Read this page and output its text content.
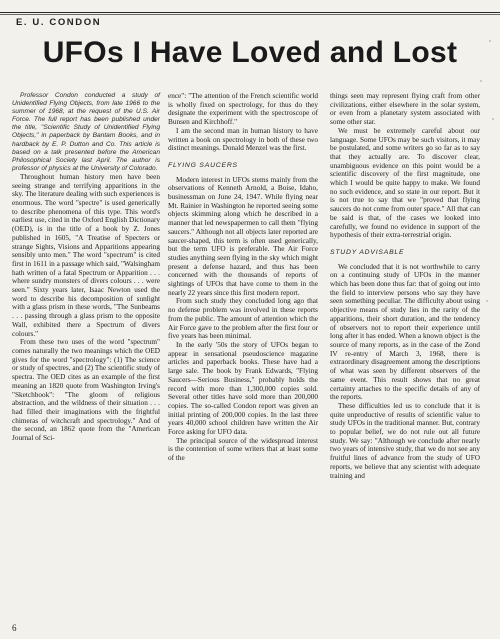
E. U. CONDON
UFOs I Have Loved and Lost

Professor Condon conducted a study of Unidentified Flying Objects, from late 1966 to the summer of 1968, at the request of the U.S. Air Force. The full report has been published under the title, "Scientific Study of Unidentified Flying Objects," in paperback by Bantam Books, and in hardback by E. P. Dutton and Co. This article is based on a talk presented before the American Philosophical Society last April. The author is professor of physics at the University of Colorado.

Throughout human history men have been seeing strange and terrifying apparitions in the sky. The literature dealing with such experiences is enormous. The word "spectre" is used generically to describe phenomena of this type. This word's earliest use, cited in the Oxford English Dictionary (OED), is in the title of a book by Z. Jones published in 1605, "A Treatise of Specters or strange Sights, Visions and Apparitions appearing sensibly unto men." The word "spectrum" is cited first in 1611 in a passage which said, "Walsingham hath written of a fatal Spectrum or Apparition . . . where sundry monsters of divers colours . . . were seen." Sixty years later, Isaac Newton used the word to describe his decomposition of sunlight with a glass prism in these words, "The Sunbeams . . . passing through a glass prism to the opposite Wall, exhibited there a Spectrum of divers colours."

From these two uses of the word "spectrum" comes naturally the two meanings which the OED gives for the word "spectrology": (1) The science or study of spectres, and (2) The scientific study of spectra. The OED cites as an example of the first meaning an 1820 quote from Washington Irving's "Sketchbook": "The gloom of religious abstraction, and the wildness of their situation . . . had filled their imaginations with the frightful chimeras of witchcraft and spectrology." And of the second, an 1862 quote from the "American Journal of Sci-

ence": "The attention of the French scientific world is wholly fixed on spectrology, for thus do they designate the experiment with the spectroscope of Bunsen and Kirchhoff."

I am the second man in human history to have written a book on spectrology in both of these two distinct meanings. Donald Menzel was the first.

FLYING SAUCERS

Modern interest in UFOs stems mainly from the observations of Kenneth Arnold, a Boise, Idaho, businessman on June 24, 1947. While flying near Mt. Rainier in Washington he reported seeing some objects skimming along which he described in a manner that led newspapermen to call them "flying saucers." Although not all objects later reported are saucer-shaped, this term is often used generically, but the term UFO is preferable. The Air Force studies anything seen flying in the sky which might present a defense hazard, and thus has been concerned with the thousands of reports of sightings of UFOs that have come to them in the nearly 22 years since this first modern report.

From such study they concluded long ago that no defense problem was involved in these reports from the public. The amount of attention which the Air Force gave to the problem after the first four or five years has been minimal.

In the early '50s the story of UFOs began to appear in sensational pseudoscience magazine articles and paperback books. These have had a large sale. The book by Frank Edwards, "Flying Saucers—Serious Business," probably holds the record with more than 1,300,000 copies sold. Several other titles have sold more than 200,000 copies. The so-called Condon report was given an initial printing of 200,000 copies. In the last three years 40,000 school children have written the Air Force asking for UFO data.

The principal source of the widespread interest is the contention of some writers that at least some of the

things seen may represent flying craft from other civilizations, either elsewhere in the solar system, or even from a planetary system associated with some other star.

We must be extremely careful about our language. Some UFOs may be such visitors, it may be postulated, and some writers go so far as to say that they actually are. To discover clear, unambiguous evidence on this point would be a scientific discovery of the first magnitude, one which I would be quite happy to make. We found no such evidence, and so state in our report. But it is not true to say that we "proved that flying saucers do not come from outer space." All that can be said is that, of the cases we looked into carefully, we found no evidence in support of the hypothesis of their extra-terrestrial origin.

STUDY ADVISABLE

We concluded that it is not worthwhile to carry on a continuing study of UFOs in the manner which has been done thus far: that of going out into the field to interview persons who say they have seen something peculiar. The difficulty about using objective means of study lies in the rarity of the apparitions, their short duration, and the tendency of observers not to report their experience until long after it has ended. When a known object is the source of many reports, as in the case of the Zond IV re-entry of March 3, 1968, there is extraordinary disagreement among the descriptions of what was seen by different observers of the same event. This result shows that no great certainty attaches to the specific details of any of the reports.

These difficulties led us to conclude that it is quite unproductive of results of scientific value to study UFOs in the traditional manner. But, contrary to popular belief, we do not rule out all future study. We say: "Although we conclude after nearly two years of intensive study, that we do not see any fruitful lines of advance from the study of UFO reports, we believe that any scientist with adequate training and

6
